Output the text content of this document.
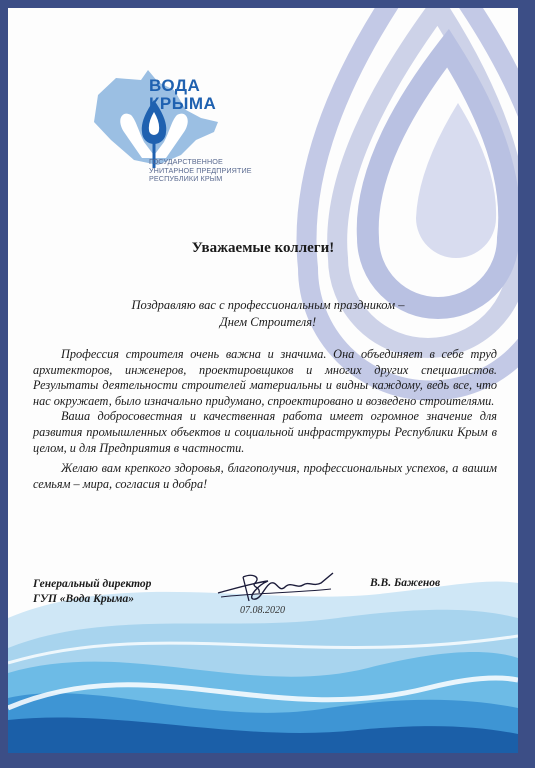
ВОДА
КРЫМА
ГОСУДАРСТВЕННОЕ УНИТАРНОЕ ПРЕДПРИЯТИЕ РЕСПУБЛИКИ КРЫМ
Уважаемые коллеги!
Поздравляю вас с профессиональным праздником –
Днем Строителя!

Профессия строителя очень важна и значима. Она объединяет в себе труд архитекторов, инженеров, проектировщиков и многих других специалистов. Результаты деятельности строителей материальны и видны каждому, ведь все, что нас окружает, было изначально придумано, спроектировано и возведено строителями.

Ваша добросовестная и качественная работа имеет огромное значение для развития промышленных объектов и социальной инфраструктуры Республики Крым в целом, и для Предприятия в частности.

Желаю вам крепкого здоровья, благополучия, профессиональных успехов, а вашим семьям – мира, согласия и добра!

Генеральный директор
ГУП «Вода Крыма»
В.В. Баженов
07.08.2020
